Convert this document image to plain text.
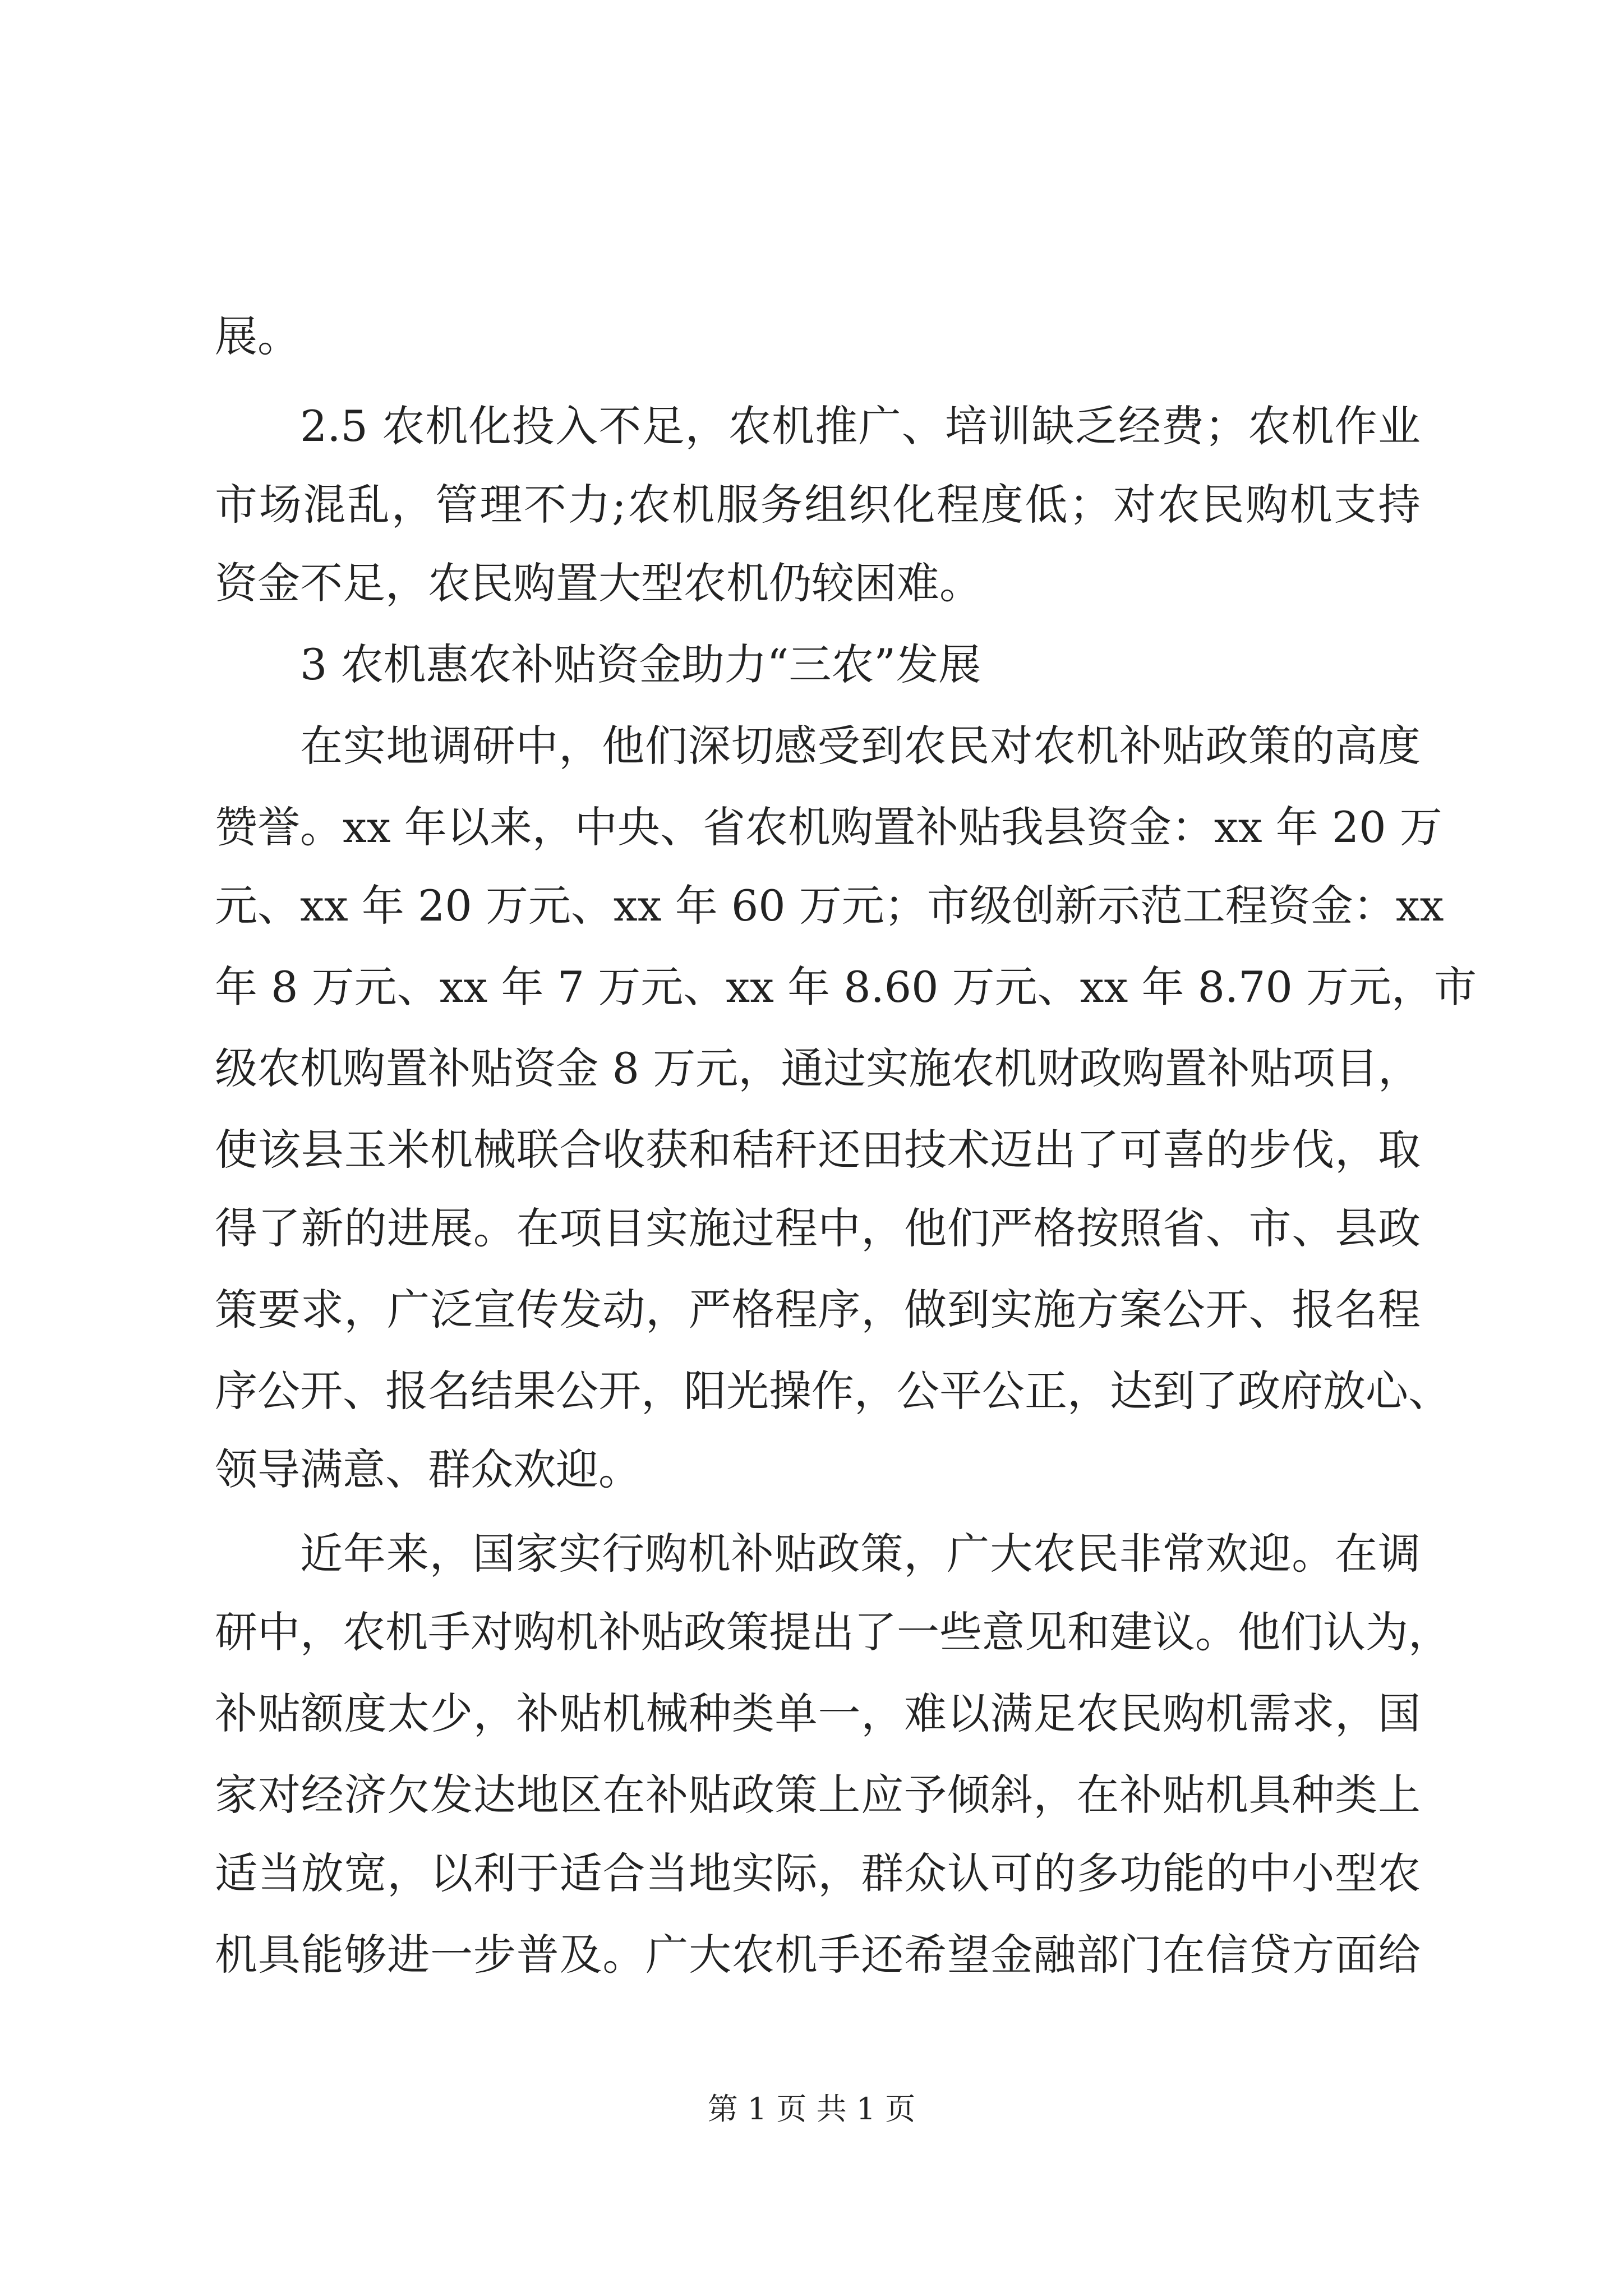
展。
2.5 农机化投入不足，农机推广、培训缺乏经费；农机作业
市场混乱，管理不力;农机服务组织化程度低；对农民购机支持
资金不足，农民购置大型农机仍较困难。
3 农机惠农补贴资金助力“三农”发展
在实地调研中，他们深切感受到农民对农机补贴政策的高度
赞誉。xx 年以来，中央、省农机购置补贴我县资金：xx 年 20 万
元、xx 年 20 万元、xx 年 60 万元；市级创新示范工程资金：xx
年 8 万元、xx 年 7 万元、xx 年 8.60 万元、xx 年 8.70 万元，市
级农机购置补贴资金 8 万元，通过实施农机财政购置补贴项目，
使该县玉米机械联合收获和秸秆还田技术迈出了可喜的步伐，取
得了新的进展。在项目实施过程中，他们严格按照省、市、县政
策要求，广泛宣传发动，严格程序，做到实施方案公开、报名程
序公开、报名结果公开，阳光操作，公平公正，达到了政府放心、
领导满意、群众欢迎。
近年来，国家实行购机补贴政策，广大农民非常欢迎。在调
研中，农机手对购机补贴政策提出了一些意见和建议。他们认为，
补贴额度太少，补贴机械种类单一，难以满足农民购机需求，国
家对经济欠发达地区在补贴政策上应予倾斜，在补贴机具种类上
适当放宽，以利于适合当地实际，群众认可的多功能的中小型农
机具能够进一步普及。广大农机手还希望金融部门在信贷方面给
第 1 页 共 1 页
